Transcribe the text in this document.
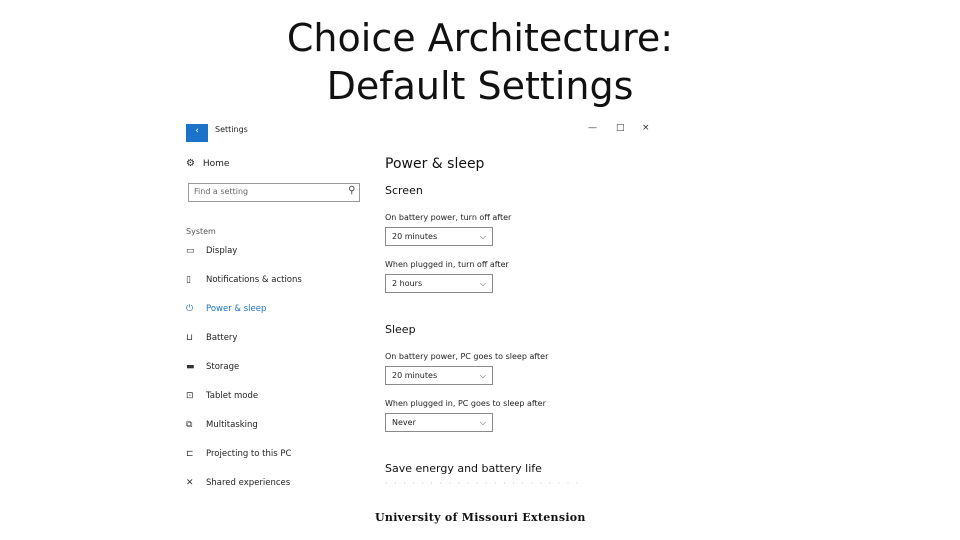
Choice Architecture:
Default Settings
‹	Settings	— □ ×
⚙ Home
Find a setting
⚲
System
▭ Display
▯ Notifications & actions
⏻ Power & sleep
⊔ Battery
▬ Storage
⊡ Tablet mode
⧉ Multitasking
⊏ Projecting to this PC
✕ Shared experiences
Power & sleep
Screen
On battery power, turn off after
20 minutes	⌵
When plugged in, turn off after
2 hours	⌵
Sleep
On battery power, PC goes to sleep after
20 minutes	⌵
When plugged in, PC goes to sleep after
Never	⌵
Save energy and battery life
· · · · · · · · · · · · · · · · · · · · · ·
University of Missouri Extension
